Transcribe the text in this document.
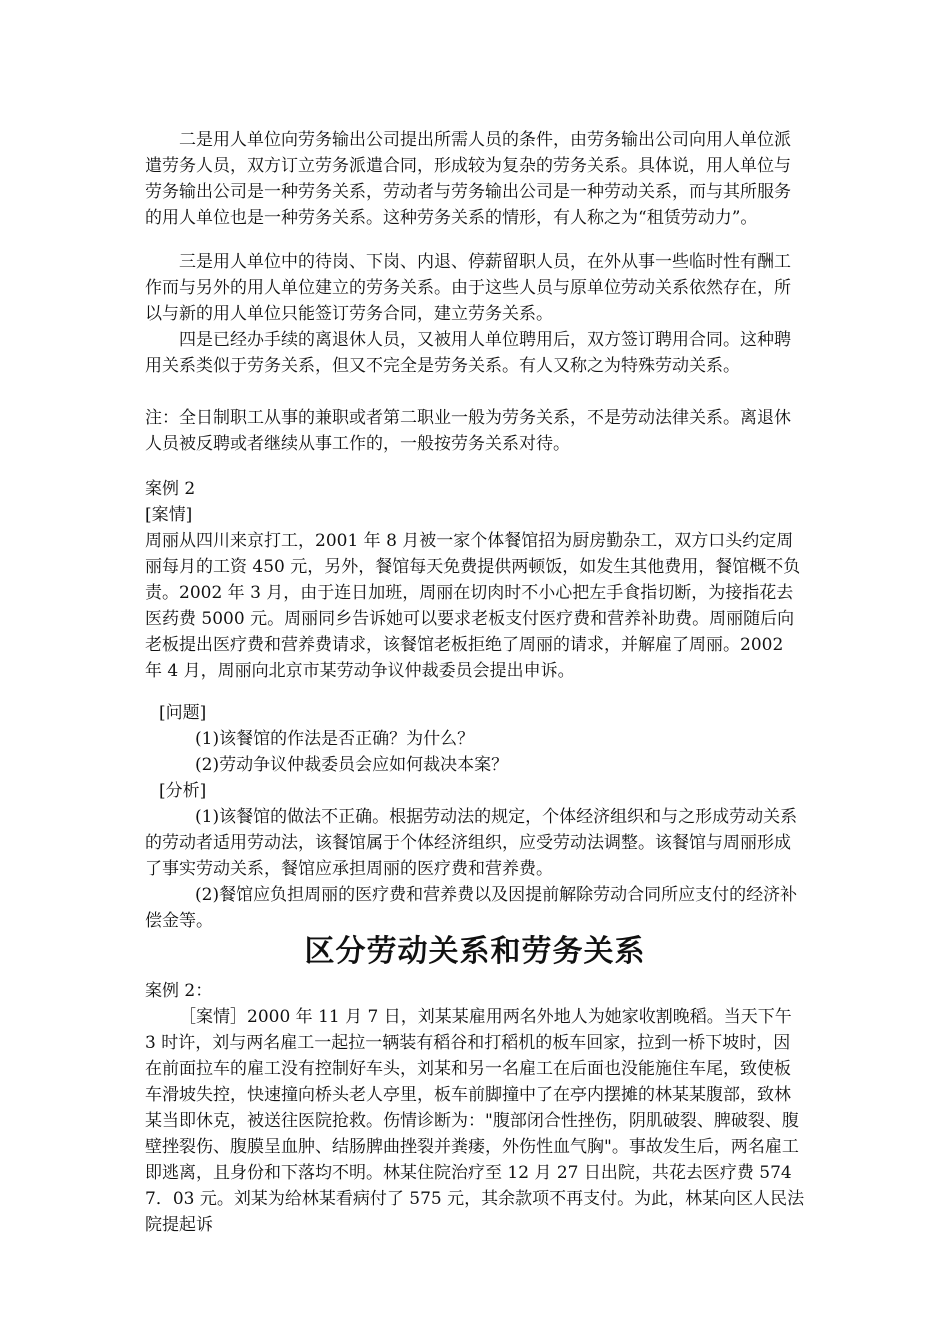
二是用人单位向劳务输出公司提出所需人员的条件，由劳务输出公司向用人单位派遣劳务人员，双方订立劳务派遣合同，形成较为复杂的劳务关系。具体说，用人单位与劳务输出公司是一种劳务关系，劳动者与劳务输出公司是一种劳动关系，而与其所服务的用人单位也是一种劳务关系。这种劳务关系的情形，有人称之为“租赁劳动力”。

三是用人单位中的待岗、下岗、内退、停薪留职人员，在外从事一些临时性有酬工作而与另外的用人单位建立的劳务关系。由于这些人员与原单位劳动关系依然存在，所以与新的用人单位只能签订劳务合同，建立劳务关系。

四是已经办手续的离退休人员，又被用人单位聘用后，双方签订聘用合同。这种聘用关系类似于劳务关系，但又不完全是劳务关系。有人又称之为特殊劳动关系。

注：全日制职工从事的兼职或者第二职业一般为劳务关系，不是劳动法律关系。离退休人员被反聘或者继续从事工作的，一般按劳务关系对待。

案例 2

[案情]

周丽从四川来京打工，2001 年 8 月被一家个体餐馆招为厨房勤杂工，双方口头约定周丽每月的工资 450 元，另外，餐馆每天免费提供两顿饭，如发生其他费用，餐馆概不负责。2002 年 3 月，由于连日加班，周丽在切肉时不小心把左手食指切断，为接指花去医药费 5000 元。周丽同乡告诉她可以要求老板支付医疗费和营养补助费。周丽随后向老板提出医疗费和营养费请求，该餐馆老板拒绝了周丽的请求，并解雇了周丽。2002 年 4 月，周丽向北京市某劳动争议仲裁委员会提出申诉。

[问题]

(1)该餐馆的作法是否正确？为什么？

(2)劳动争议仲裁委员会应如何裁决本案？

[分析]

(1)该餐馆的做法不正确。根据劳动法的规定，个体经济组织和与之形成劳动关系的劳动者适用劳动法，该餐馆属于个体经济组织，应受劳动法调整。该餐馆与周丽形成了事实劳动关系，餐馆应承担周丽的医疗费和营养费。

(2)餐馆应负担周丽的医疗费和营养费以及因提前解除劳动合同所应支付的经济补偿金等。

区分劳动关系和劳务关系

案例 2：

［案情］2000 年 11 月 7 日，刘某某雇用两名外地人为她家收割晚稻。当天下午 3 时许，刘与两名雇工一起拉一辆装有稻谷和打稻机的板车回家，拉到一桥下坡时，因在前面拉车的雇工没有控制好车头，刘某和另一名雇工在后面也没能施住车尾，致使板车滑坡失控，快速撞向桥头老人亭里，板车前脚撞中了在亭内摆摊的林某某腹部，致林某当即休克，被送往医院抢救。伤情诊断为："腹部闭合性挫伤，阴肌破裂、脾破裂、腹壁挫裂伤、腹膜呈血肿、结肠脾曲挫裂并粪瘘，外伤性血气胸"。事故发生后，两名雇工即逃离，且身份和下落均不明。林某住院治疗至 12 月 27 日出院，共花去医疗费 5747．03 元。刘某为给林某看病付了 575 元，其余款项不再支付。为此，林某向区人民法院提起诉
